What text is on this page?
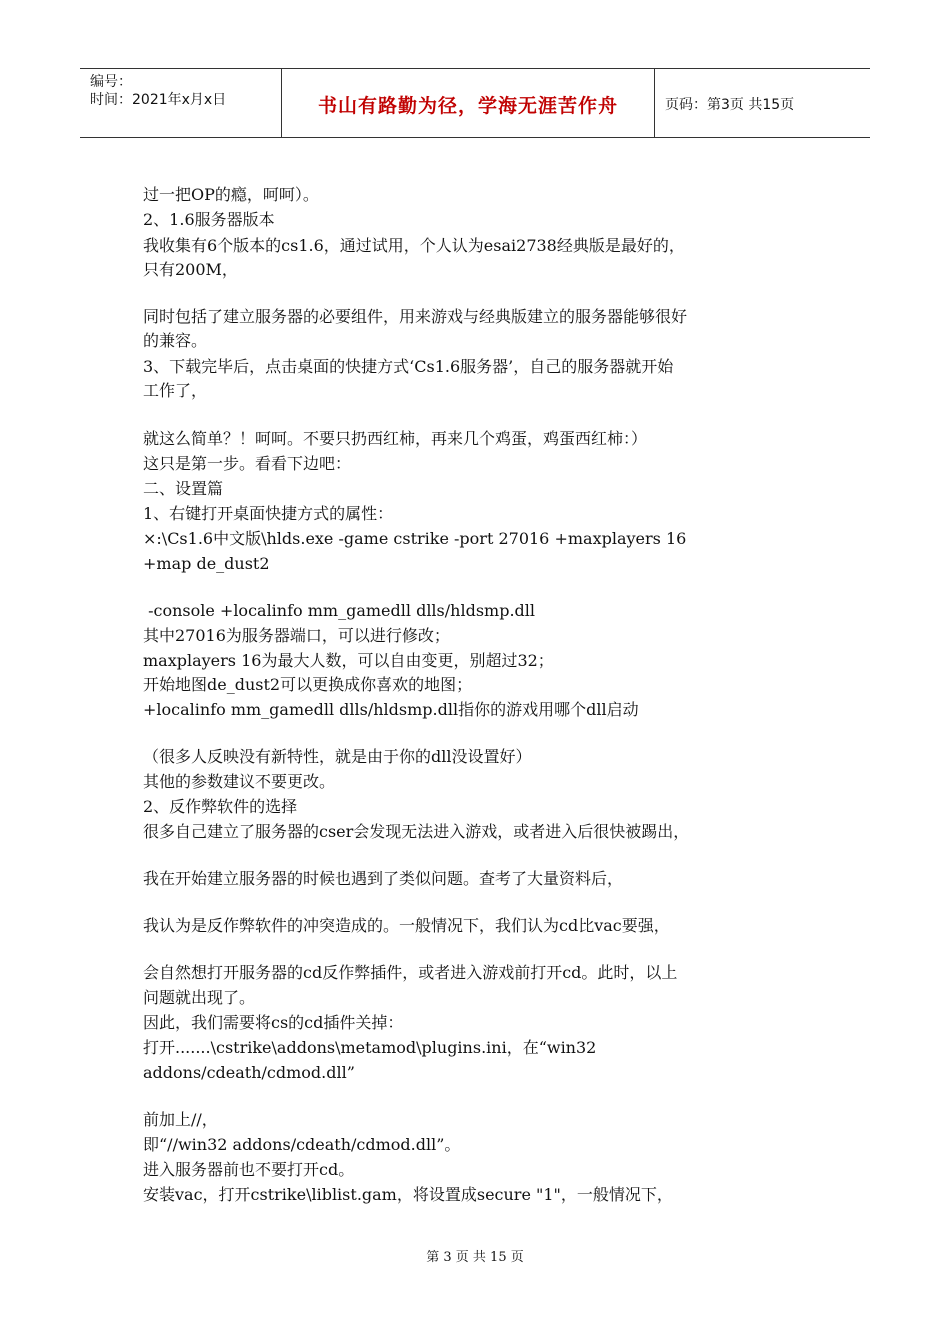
编号：
时间：2021年x月x日	书山有路勤为径，学海无涯苦作舟	页码：第3页 共15页
过一把OP的瘾，呵呵）。
2、1.6服务器版本
我收集有6个版本的cs1.6，通过试用，个人认为esai2738经典版是最好的，
只有200M，
同时包括了建立服务器的必要组件，用来游戏与经典版建立的服务器能够很好
的兼容。
3、下载完毕后，点击桌面的快捷方式‘Cs1.6服务器’，自己的服务器就开始
工作了，
就这么简单？！呵呵。不要只扔西红柿，再来几个鸡蛋，鸡蛋西红柿：）
这只是第一步。看看下边吧：
二、设置篇
1、右键打开桌面快捷方式的属性：
×:\Cs1.6中文版\hlds.exe -game cstrike -port 27016 +maxplayers 16
+map de_dust2
-console +localinfo mm_gamedll dlls/hldsmp.dll
其中27016为服务器端口，可以进行修改；
maxplayers 16为最大人数，可以自由变更，别超过32；
开始地图de_dust2可以更换成你喜欢的地图；
+localinfo mm_gamedll dlls/hldsmp.dll指你的游戏用哪个dll启动
（很多人反映没有新特性，就是由于你的dll没设置好）
其他的参数建议不要更改。
2、反作弊软件的选择
很多自己建立了服务器的cser会发现无法进入游戏，或者进入后很快被踢出，
我在开始建立服务器的时候也遇到了类似问题。查考了大量资料后，
我认为是反作弊软件的冲突造成的。一般情况下，我们认为cd比vac要强，
会自然想打开服务器的cd反作弊插件，或者进入游戏前打开cd。此时，以上
问题就出现了。
因此，我们需要将cs的cd插件关掉：
打开.......\cstrike\addons\metamod\plugins.ini，在“win32
addons/cdeath/cdmod.dll”
前加上//，
即“//win32 addons/cdeath/cdmod.dll”。
进入服务器前也不要打开cd。
安装vac，打开cstrike\liblist.gam，将设置成secure "1"，一般情况下，
第 3 页 共 15 页
